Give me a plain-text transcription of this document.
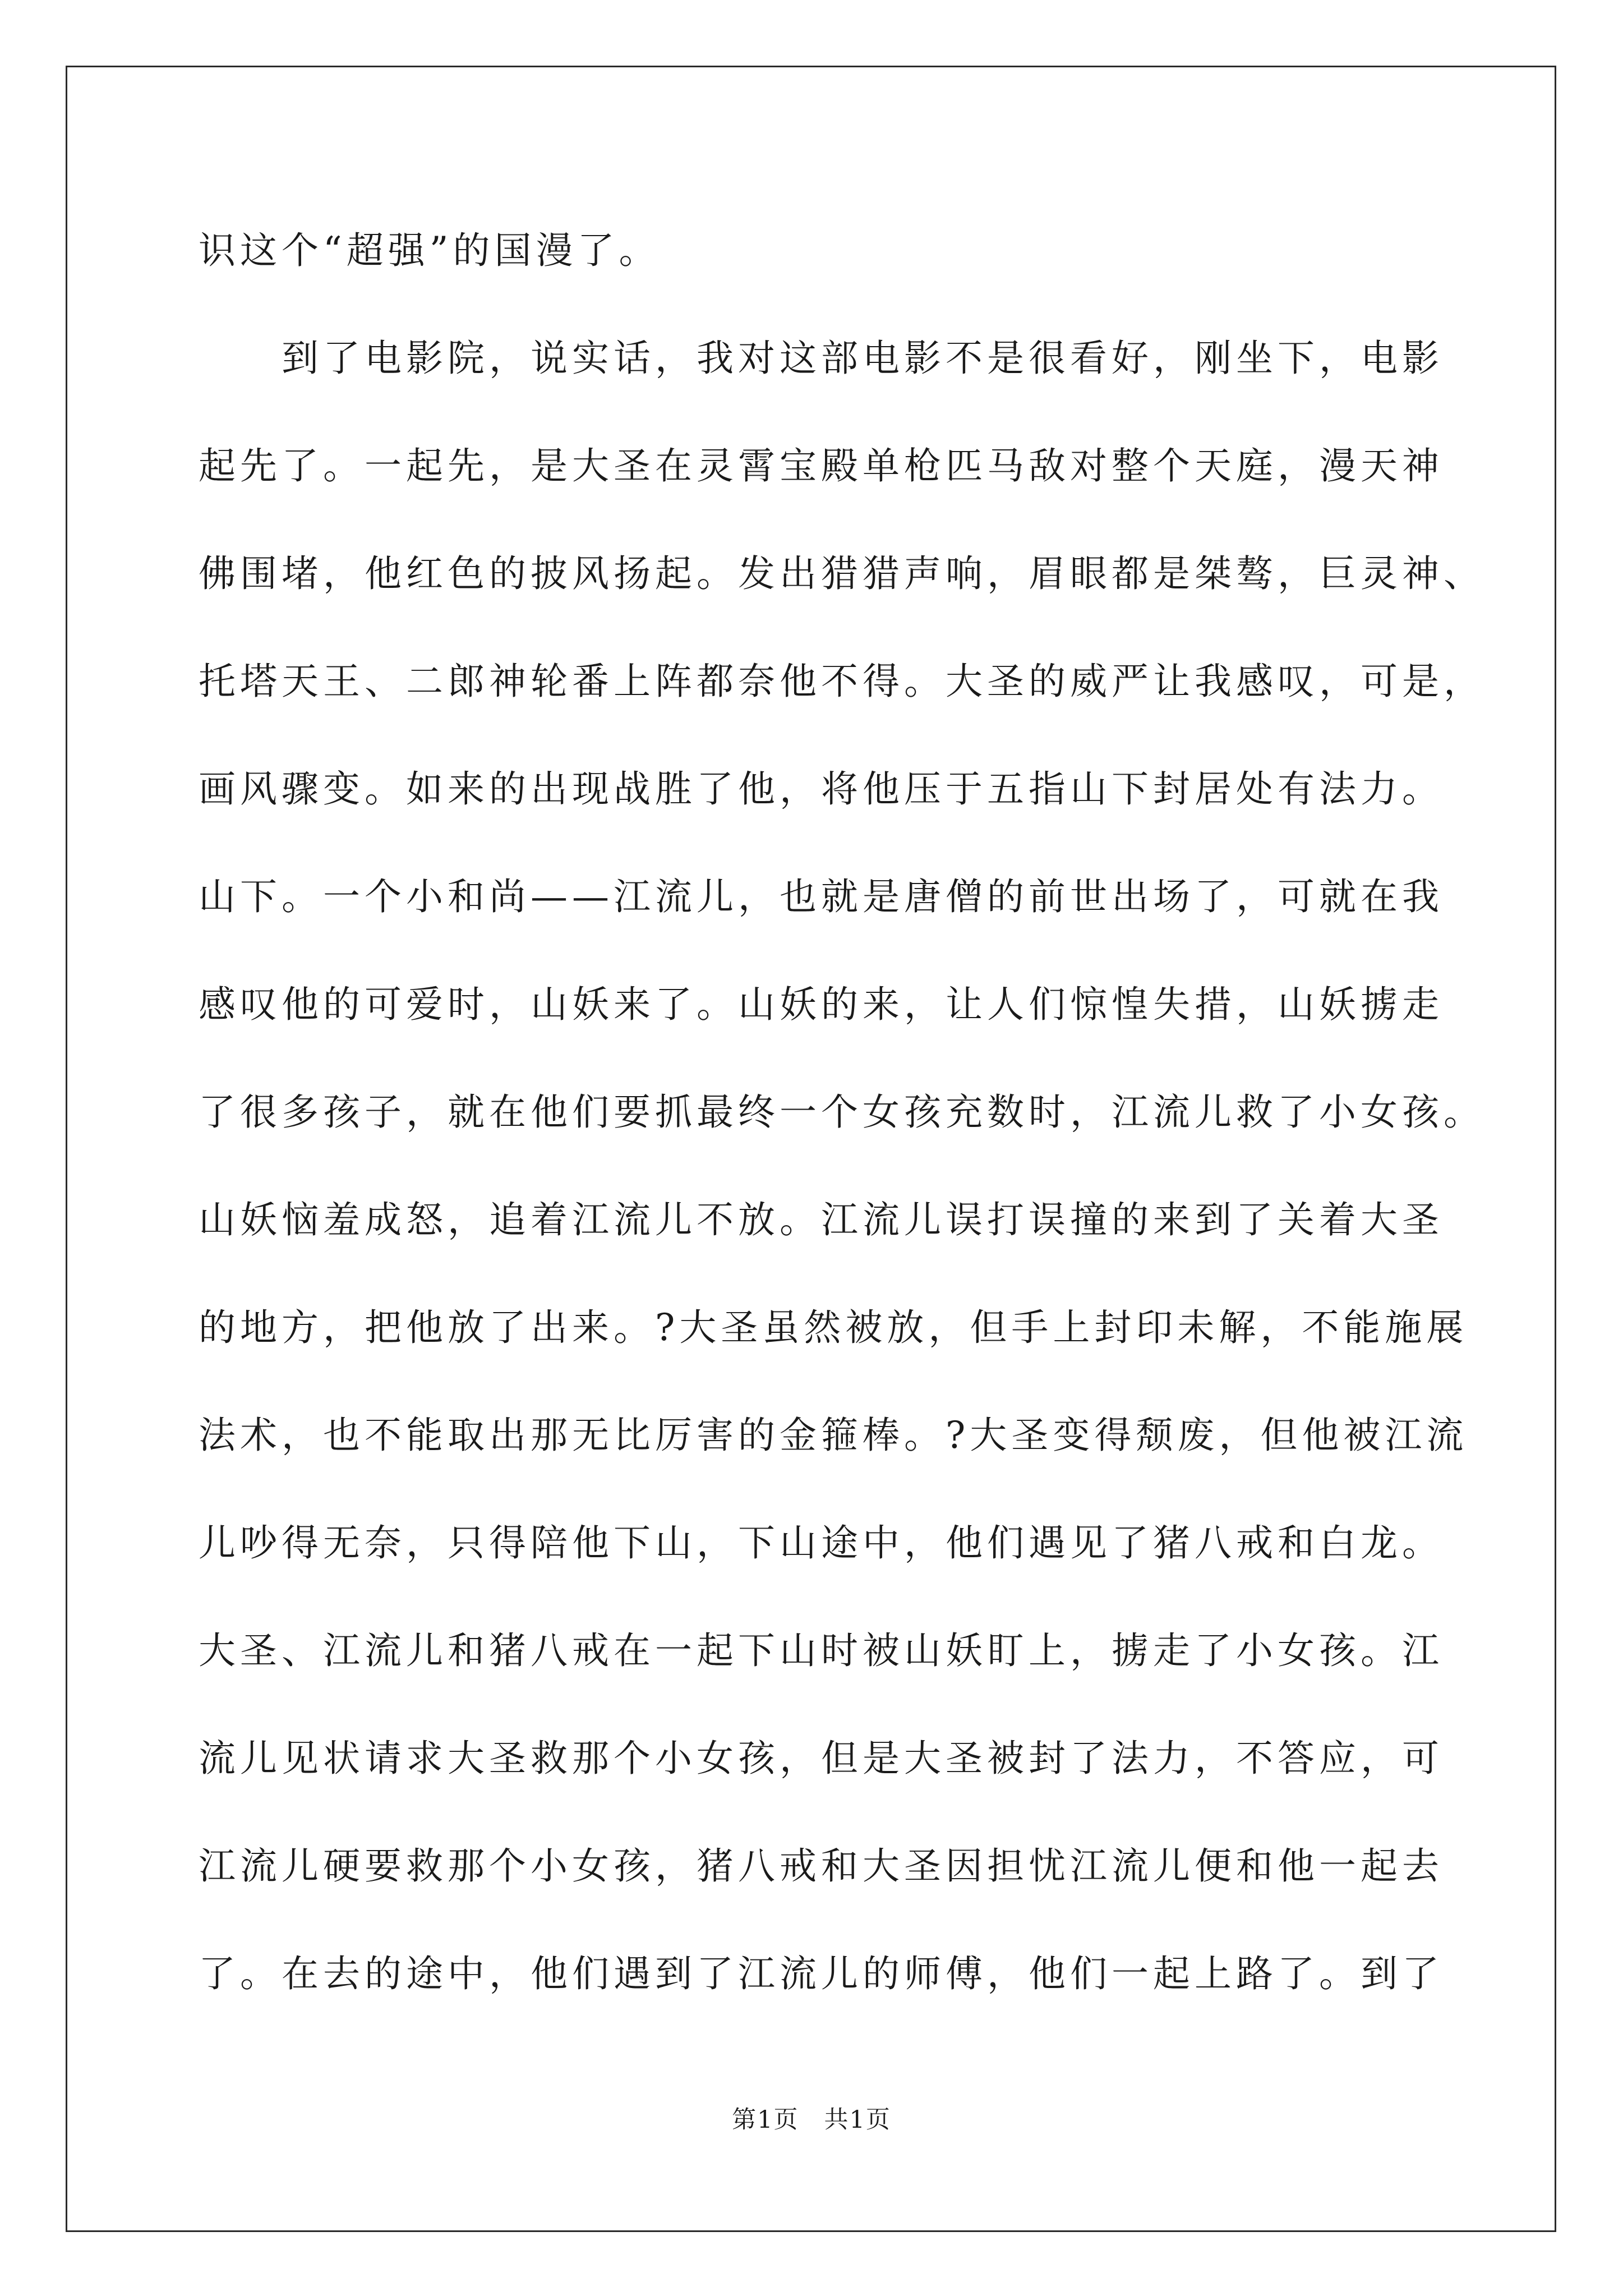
识这个“超强”的国漫了。
　　到了电影院，说实话，我对这部电影不是很看好，刚坐下，电影
起先了。一起先，是大圣在灵霄宝殿单枪匹马敌对整个天庭，漫天神
佛围堵，他红色的披风扬起。发出猎猎声响，眉眼都是桀骜，巨灵神、
托塔天王、二郎神轮番上阵都奈他不得。大圣的威严让我感叹，可是，
画风骤变。如来的出现战胜了他，将他压于五指山下封居处有法力。
山下。一个小和尚——江流儿，也就是唐僧的前世出场了，可就在我
感叹他的可爱时，山妖来了。山妖的来，让人们惊惶失措，山妖掳走
了很多孩子，就在他们要抓最终一个女孩充数时，江流儿救了小女孩。
山妖恼羞成怒，追着江流儿不放。江流儿误打误撞的来到了关着大圣
的地方，把他放了出来。?大圣虽然被放，但手上封印未解，不能施展
法术，也不能取出那无比厉害的金箍棒。?大圣变得颓废，但他被江流
儿吵得无奈，只得陪他下山，下山途中，他们遇见了猪八戒和白龙。
大圣、江流儿和猪八戒在一起下山时被山妖盯上，掳走了小女孩。江
流儿见状请求大圣救那个小女孩，但是大圣被封了法力，不答应，可
江流儿硬要救那个小女孩，猪八戒和大圣因担忧江流儿便和他一起去
了。在去的途中，他们遇到了江流儿的师傅，他们一起上路了。到了
第1页　共1页
